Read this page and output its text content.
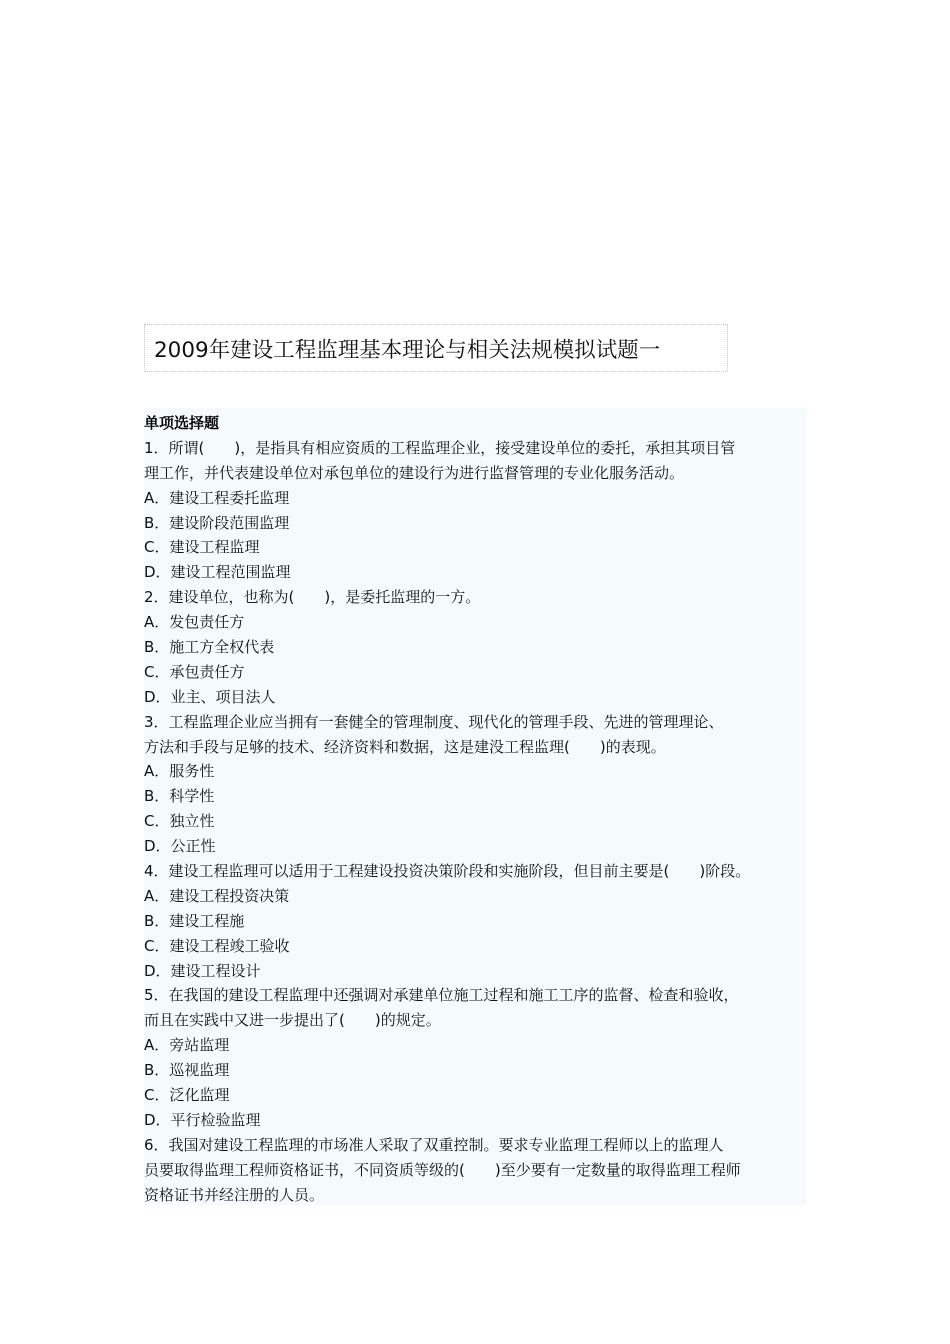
2009年建设工程监理基本理论与相关法规模拟试题一
单项选择题
1．所谓(　　)，是指具有相应资质的工程监理企业，接受建设单位的委托，承担其项目管
理工作，并代表建设单位对承包单位的建设行为进行监督管理的专业化服务活动。
A．建设工程委托监理
B．建设阶段范围监理
C．建设工程监理
D．建设工程范围监理
2．建设单位，也称为(　　)，是委托监理的一方。
A．发包责任方
B．施工方全权代表
C．承包责任方
D．业主、项目法人
3．工程监理企业应当拥有一套健全的管理制度、现代化的管理手段、先进的管理理论、
方法和手段与足够的技术、经济资料和数据，这是建没工程监理(　　)的表现。
A．服务性
B．科学性
C．独立性
D．公正性
4．建设工程监理可以适用于工程建设投资决策阶段和实施阶段，但目前主要是(　　)阶段。
A．建设工程投资决策
B．建设工程施
C．建设工程竣工验收
D．建设工程设计
5．在我国的建设工程监理中还强调对承建单位施工过程和施工工序的监督、检查和验收，
而且在实践中又进一步提出了(　　)的规定。
A．旁站监理
B．巡视监理
C．泛化监理
D．平行检验监理
6．我国对建设工程监理的市场准人采取了双重控制。要求专业监理工程师以上的监理人
员要取得监理工程师资格证书，不同资质等级的(　　)至少要有一定数量的取得监理工程师
资格证书并经注册的人员。
